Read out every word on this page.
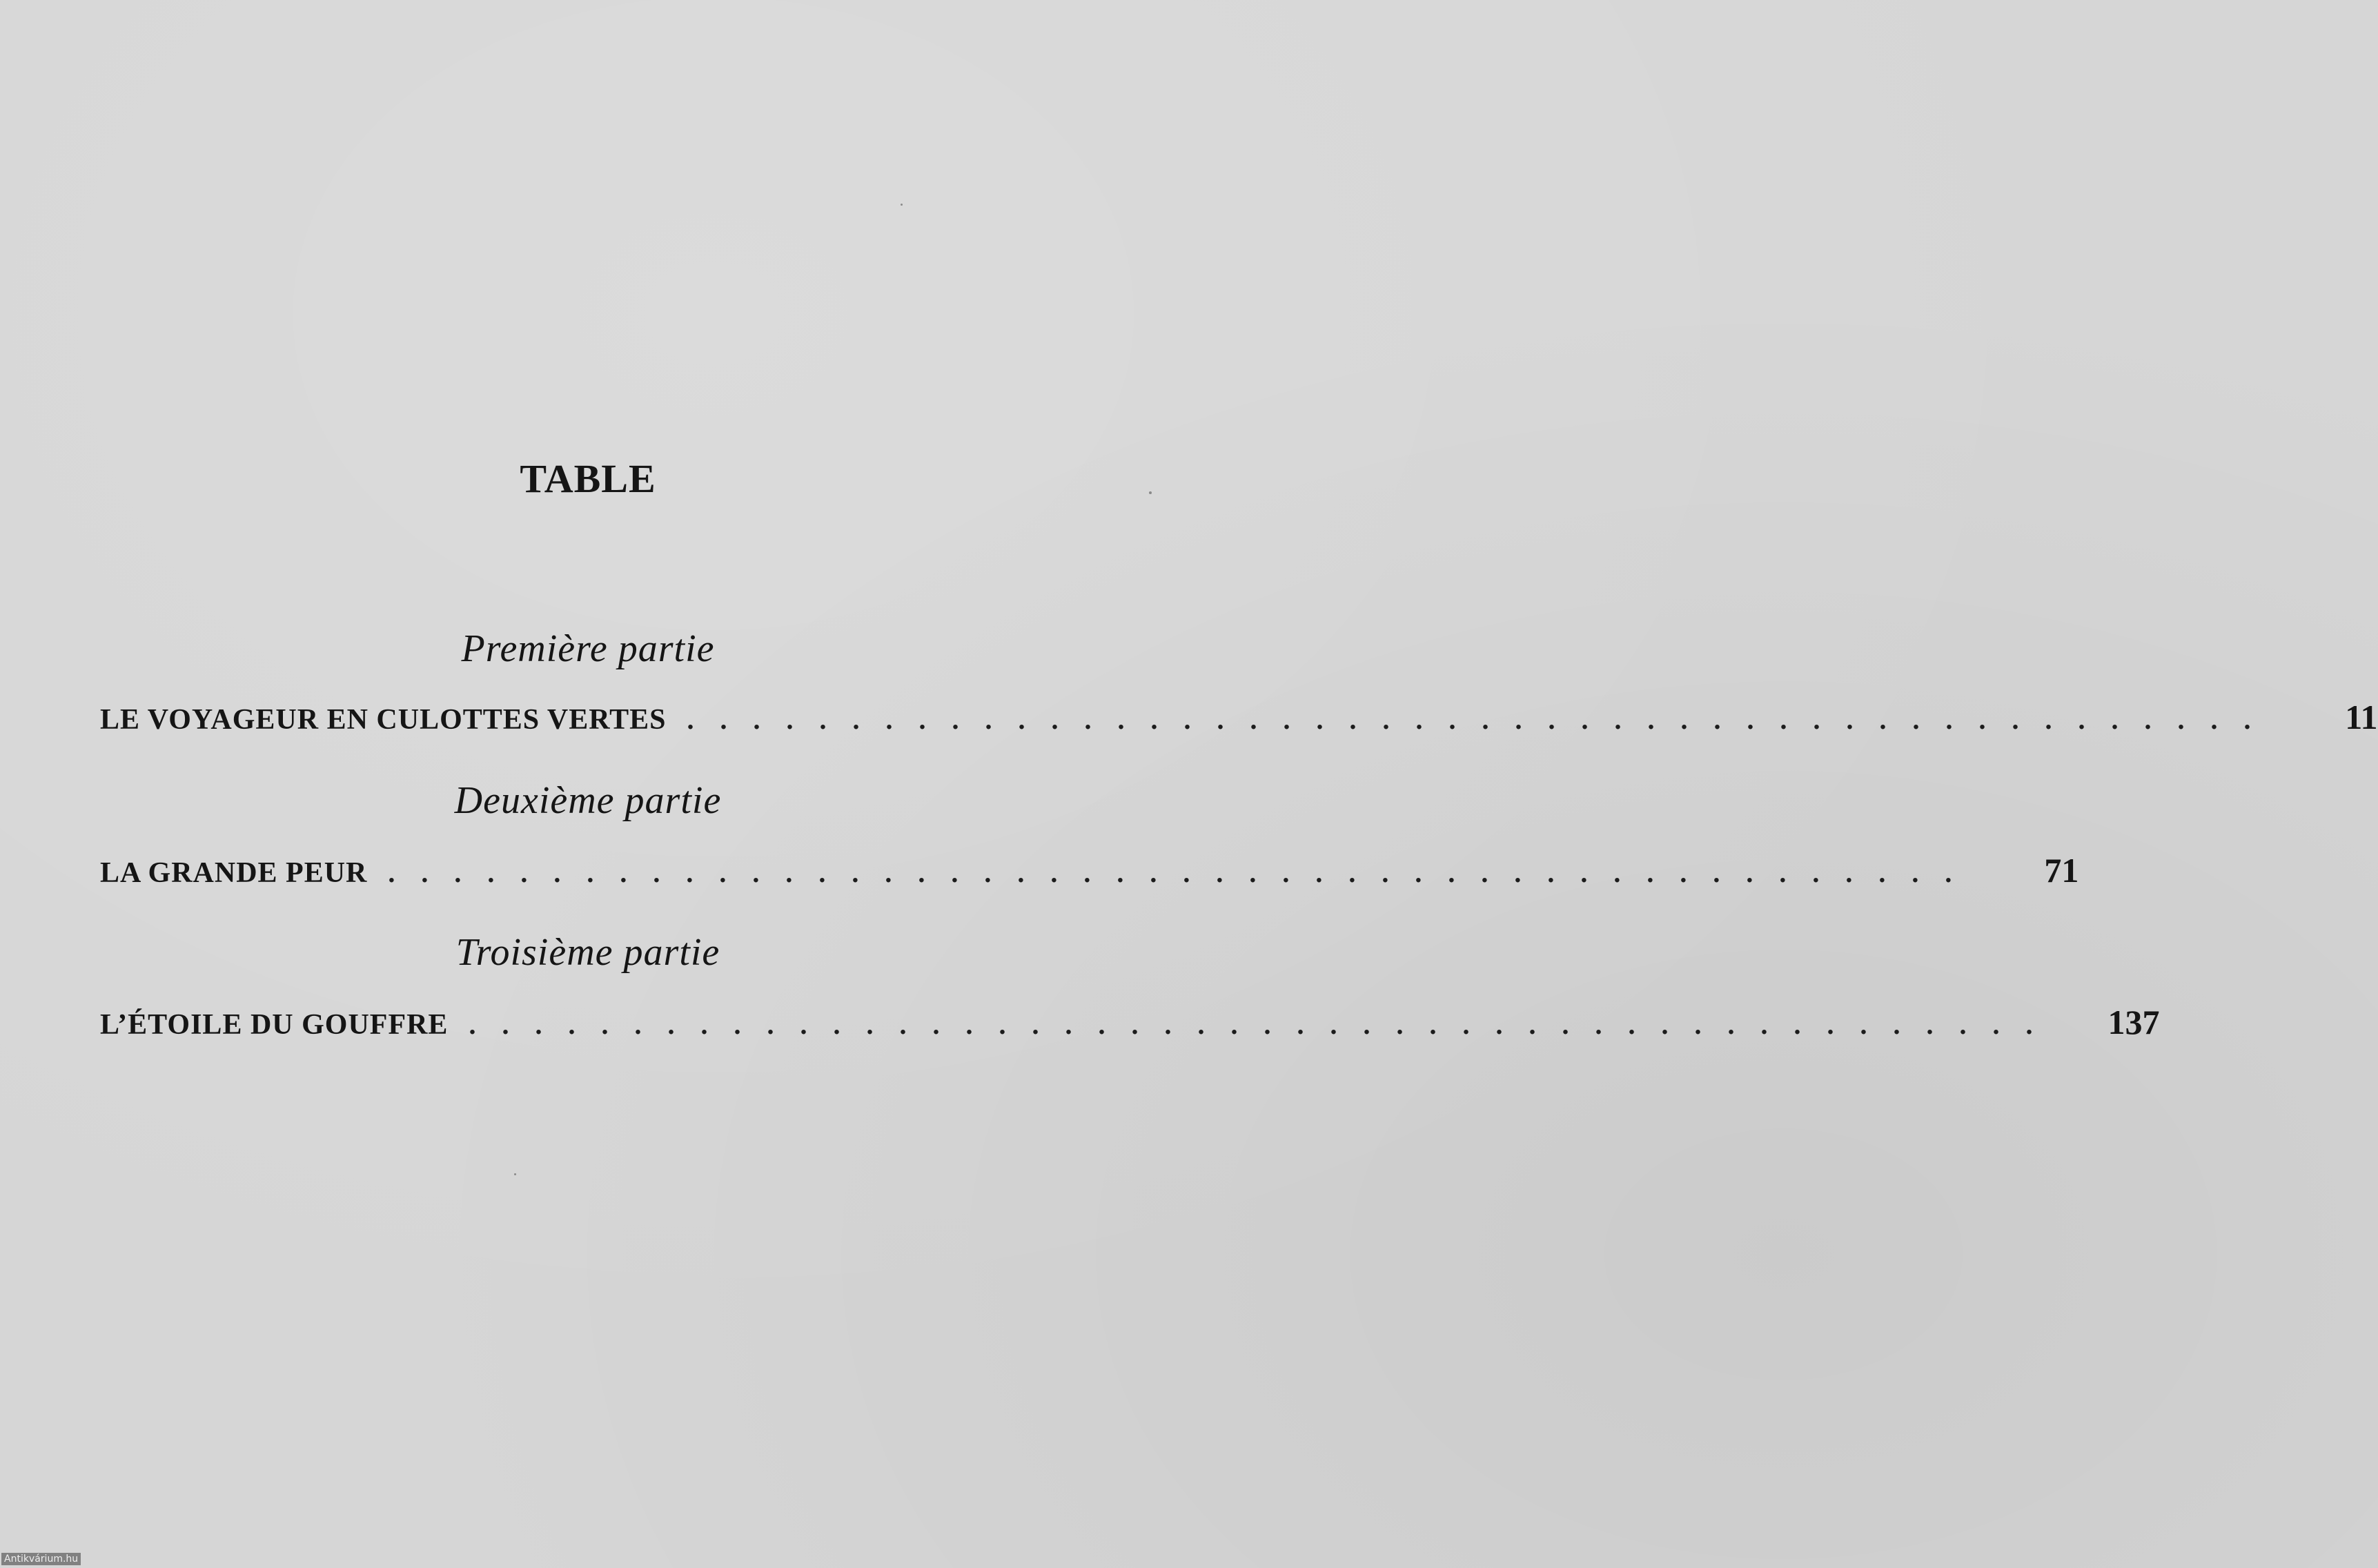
TABLE
Première partie
LE VOYAGEUR EN CULOTTES VERTES . . . . . . . . . . . . . . . . . . . . . . . . . . . . . . . . . . . . . . . . . . . . . . . .	11
Deuxième partie
LA GRANDE PEUR . . . . . . . . . . . . . . . . . . . . . . . . . . . . . . . . . . . . . . . . . . . . . . . .	71
Troisième partie
L’ÉTOILE DU GOUFFRE . . . . . . . . . . . . . . . . . . . . . . . . . . . . . . . . . . . . . . . . . . . . . . . .	137
Antikvárium.hu
